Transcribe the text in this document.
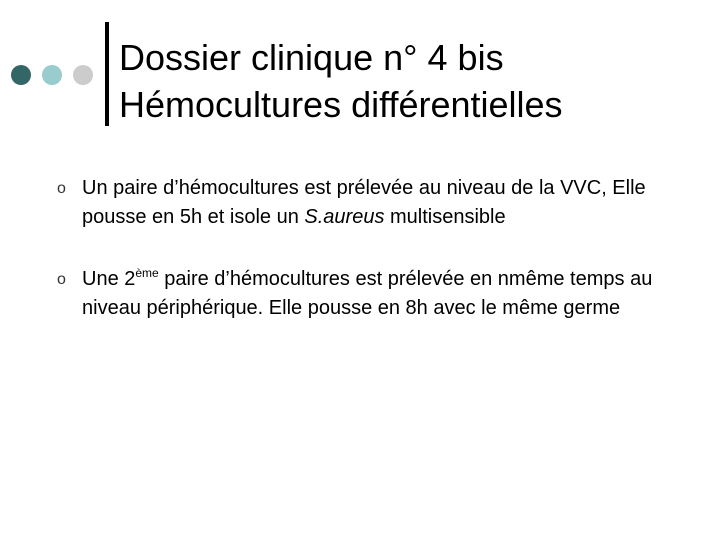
Dossier clinique n° 4 bis
Hémocultures différentielles
o Un paire d’hémocultures est prélevée au niveau de la VVC, Elle pousse en 5h et isole un S.aureus multisensible
o Une 2ème paire d’hémocultures est prélevée en nmême temps au niveau périphérique. Elle pousse en 8h avec le même germe
